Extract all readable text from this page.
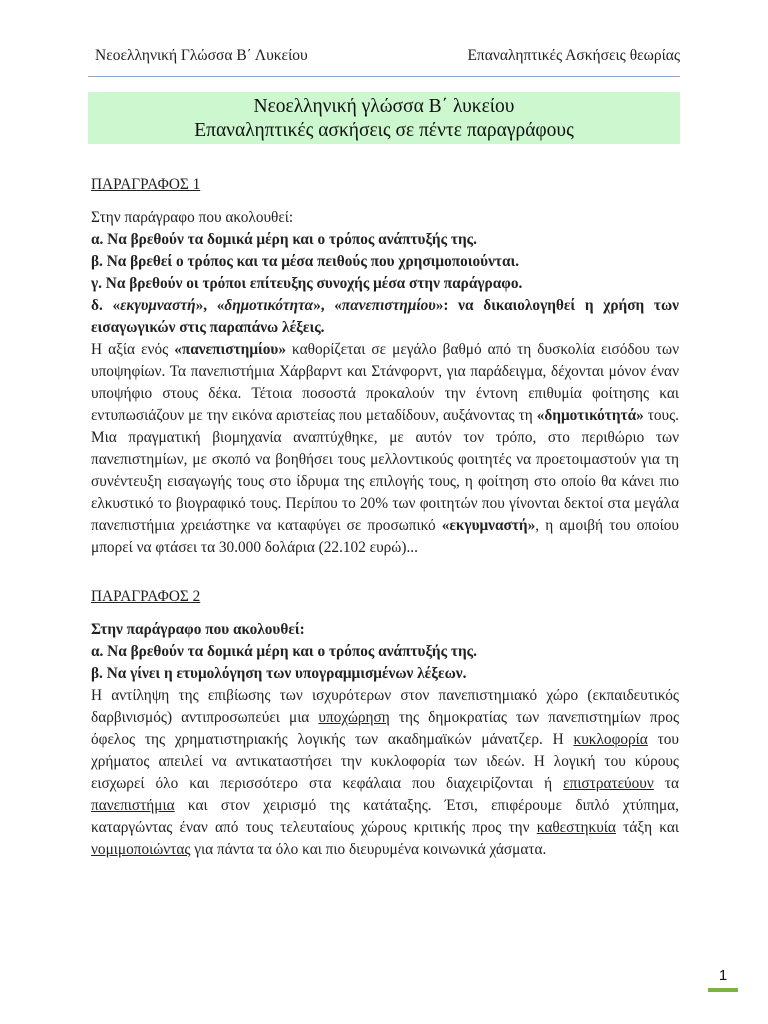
Νεοελληνική Γλώσσα Β΄ Λυκείου	Επαναληπτικές Ασκήσεις θεωρίας
Νεοελληνική γλώσσα Β΄ λυκείου
Επαναληπτικές ασκήσεις σε πέντε παραγράφους

ΠΑΡΑΓΡΑΦΟΣ 1

Στην παράγραφο που ακολουθεί:

α. Να βρεθούν τα δομικά μέρη και ο τρόπος ανάπτυξής της.

β. Να βρεθεί ο τρόπος και τα μέσα πειθούς που χρησιμοποιούνται.

γ. Να βρεθούν οι τρόποι επίτευξης συνοχής μέσα στην παράγραφο.

δ. «εκγυμναστή», «δημοτικότητα», «πανεπιστημίου»: να δικαιολογηθεί η χρήση των εισαγωγικών στις παραπάνω λέξεις.

Η αξία ενός «πανεπιστημίου» καθορίζεται σε μεγάλο βαθμό από τη δυσκολία εισόδου των υποψηφίων. Τα πανεπιστήμια Χάρβαρντ και Στάνφορντ, για παράδειγμα, δέχονται μόνον έναν υποψήφιο στους δέκα. Τέτοια ποσοστά προκαλούν την έντονη επιθυμία φοίτησης και εντυπωσιάζουν με την εικόνα αριστείας που μεταδίδουν, αυξάνοντας τη «δημοτικότητά» τους. Μια πραγματική βιομηχανία αναπτύχθηκε, με αυτόν τον τρόπο, στο περιθώριο των πανεπιστημίων, με σκοπό να βοηθήσει τους μελλοντικούς φοιτητές να προετοιμαστούν για τη συνέντευξη εισαγωγής τους στο ίδρυμα της επιλογής τους, η φοίτηση στο οποίο θα κάνει πιο ελκυστικό το βιογραφικό τους. Περίπου το 20% των φοιτητών που γίνονται δεκτοί στα μεγάλα πανεπιστήμια χρειάστηκε να καταφύγει σε προσωπικό «εκγυμναστή», η αμοιβή του οποίου μπορεί να φτάσει τα 30.000 δολάρια (22.102 ευρώ)...

ΠΑΡΑΓΡΑΦΟΣ 2

Στην παράγραφο που ακολουθεί:

α. Να βρεθούν τα δομικά μέρη και ο τρόπος ανάπτυξής της.

β. Να γίνει η ετυμολόγηση των υπογραμμισμένων λέξεων.

Η αντίληψη της επιβίωσης των ισχυρότερων στον πανεπιστημιακό χώρο (εκπαιδευτικός δαρβινισμός) αντιπροσωπεύει μια υποχώρηση της δημοκρατίας των πανεπιστημίων προς όφελος της χρηματιστηριακής λογικής των ακαδημαϊκών μάνατζερ. Η κυκλοφορία του χρήματος απειλεί να αντικαταστήσει την κυκλοφορία των ιδεών. Η λογική του κύρους εισχωρεί όλο και περισσότερο στα κεφάλαια που διαχειρίζονται ή επιστρατεύουν τα πανεπιστήμια και στον χειρισμό της κατάταξης. Έτσι, επιφέρουμε διπλό χτύπημα, καταργώντας έναν από τους τελευταίους χώρους κριτικής προς την καθεστηκυία τάξη και νομιμοποιώντας για πάντα τα όλο και πιο διευρυμένα κοινωνικά χάσματα.

1
